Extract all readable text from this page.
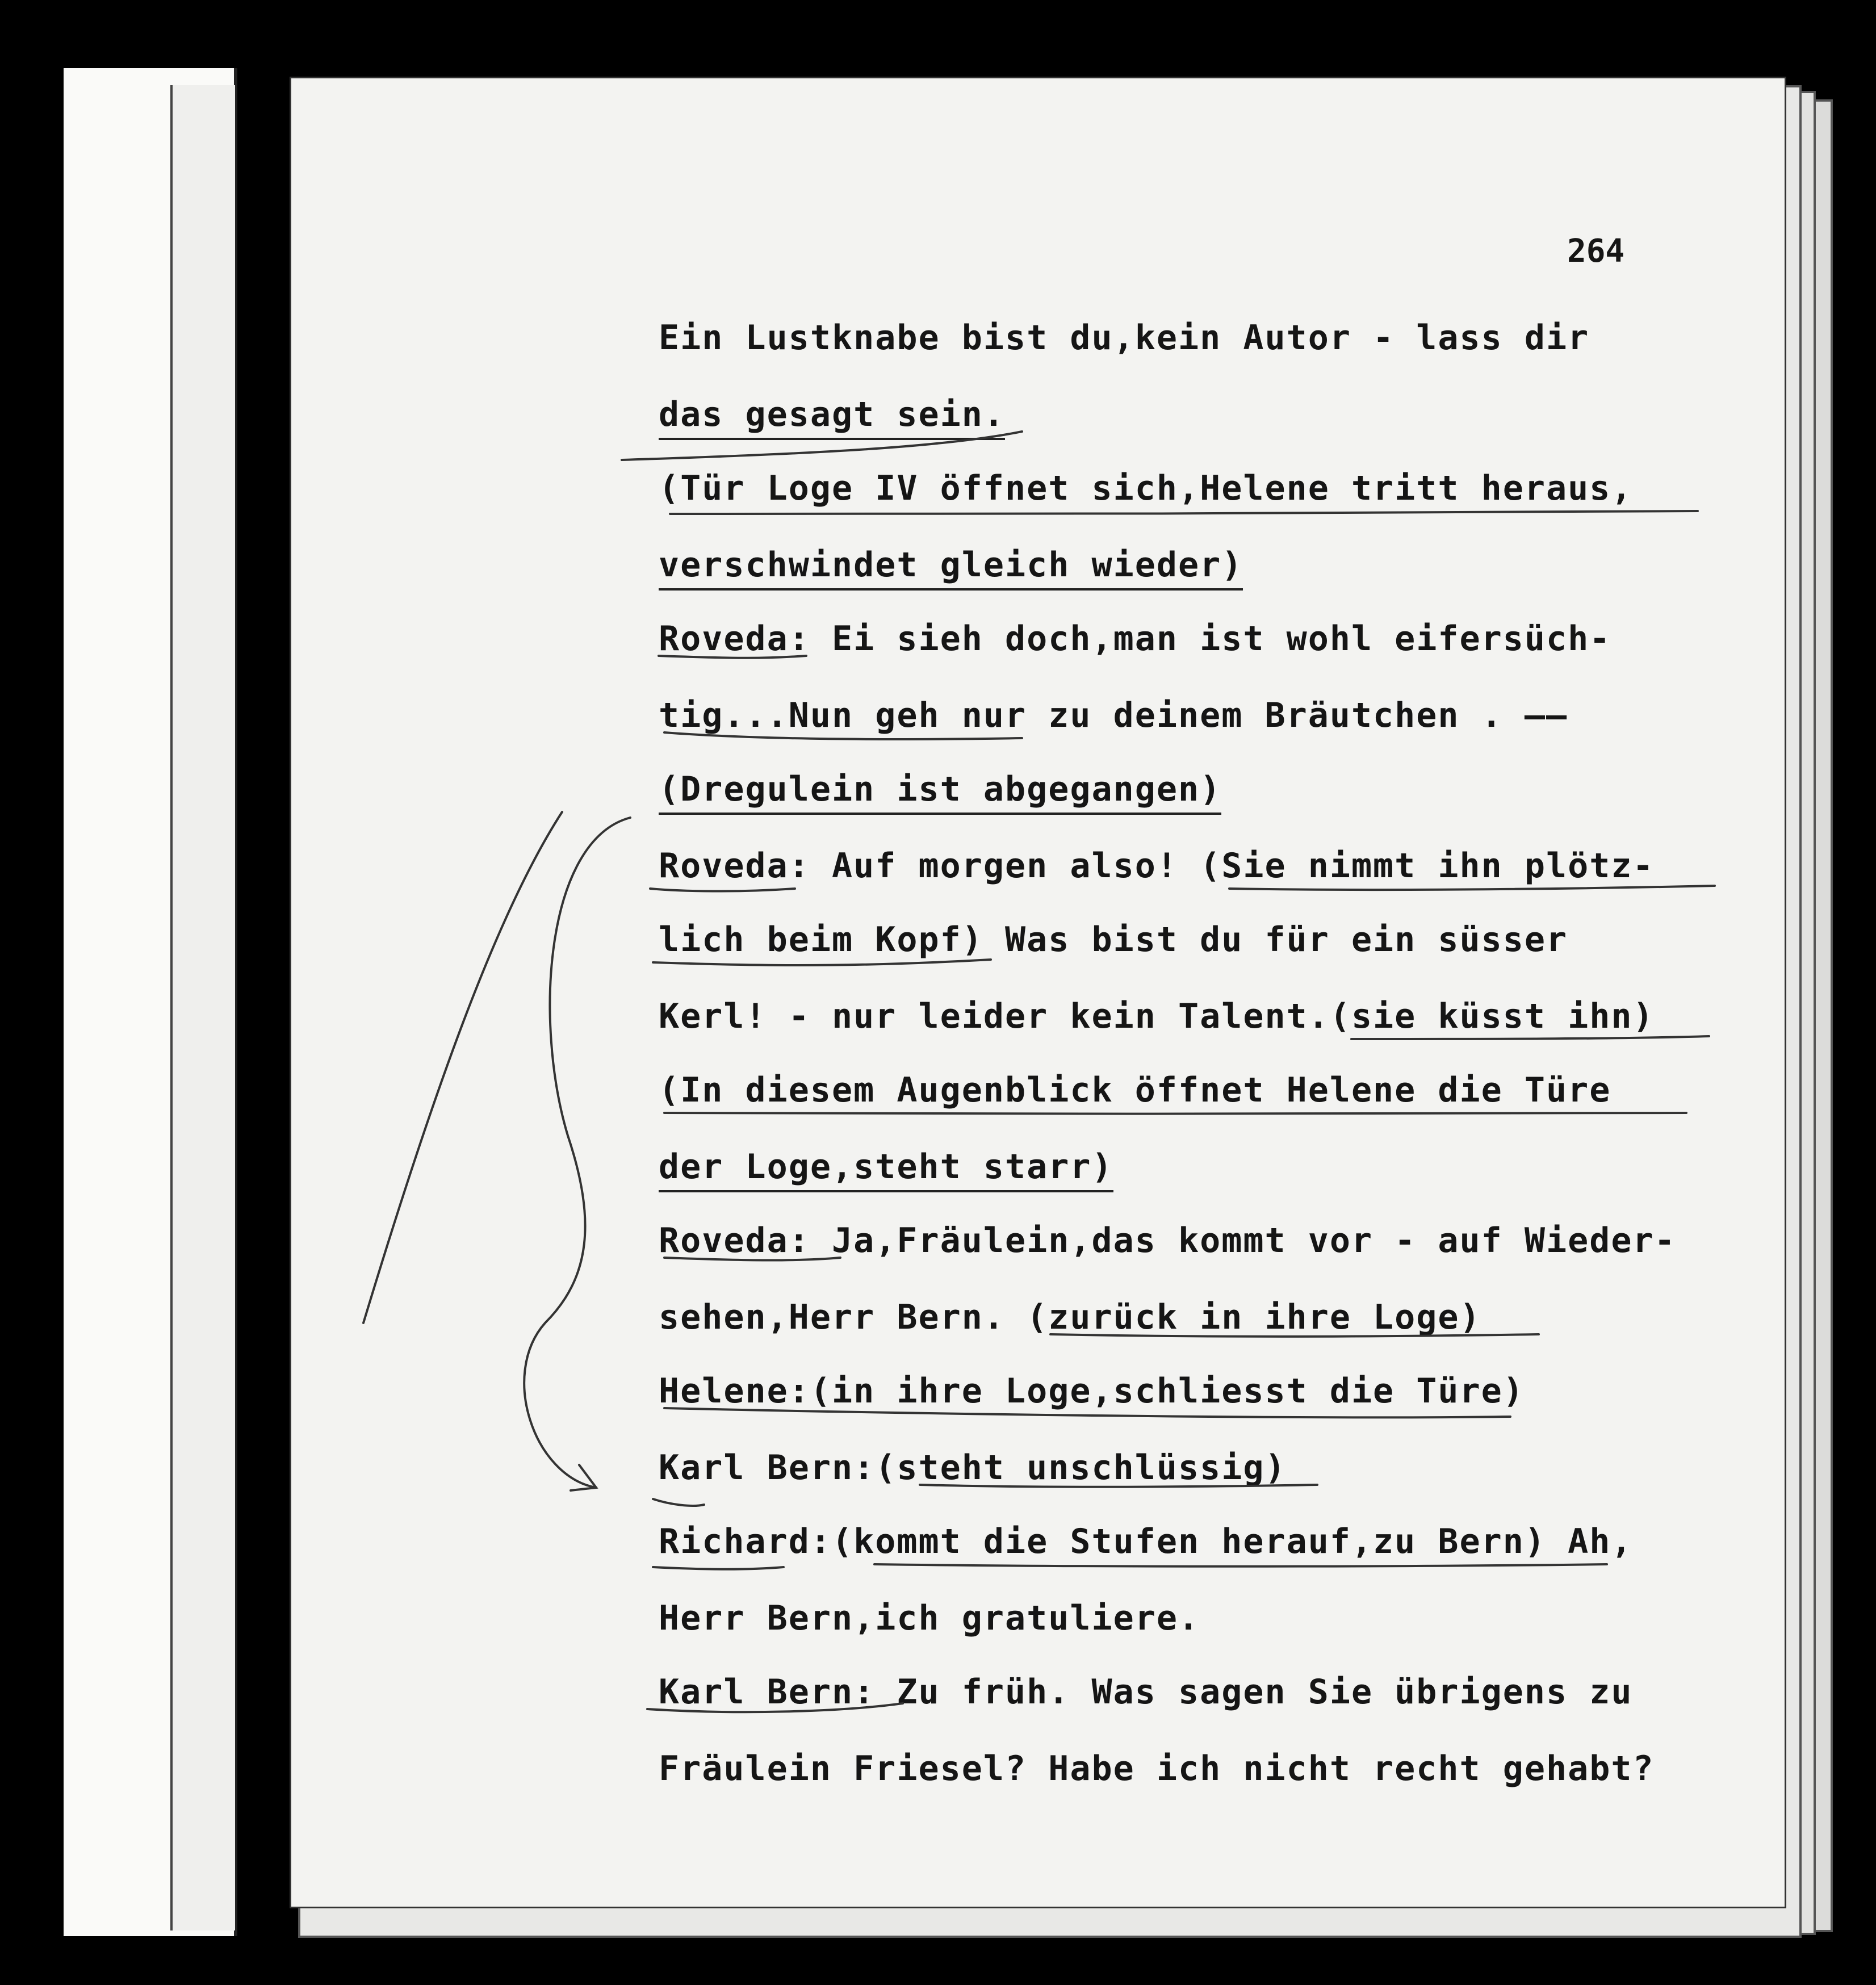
264
Ein Lustknabe bist du,kein Autor - lass dir
das gesagt sein.
(Tür Loge IV öffnet sich,Helene tritt heraus,
verschwindet gleich wieder)
Roveda: Ei sieh doch,man ist wohl eifersüch-
tig...Nun geh nur zu deinem Bräutchen . ——
(Dregulein ist abgegangen)
Roveda: Auf morgen also! (Sie nimmt ihn plötz-
lich beim Kopf) Was bist du für ein süsser
Kerl! - nur leider kein Talent.(sie küsst ihn)
(In diesem Augenblick öffnet Helene die Türe
der Loge,steht starr)
Roveda: Ja,Fräulein,das kommt vor - auf Wieder-
sehen,Herr Bern. (zurück in ihre Loge)
Helene:(in ihre Loge,schliesst die Türe)
Karl Bern:(steht unschlüssig)
Richard:(kommt die Stufen herauf,zu Bern) Ah,
Herr Bern,ich gratuliere.
Karl Bern: Zu früh. Was sagen Sie übrigens zu
Fräulein Friesel? Habe ich nicht recht gehabt?
